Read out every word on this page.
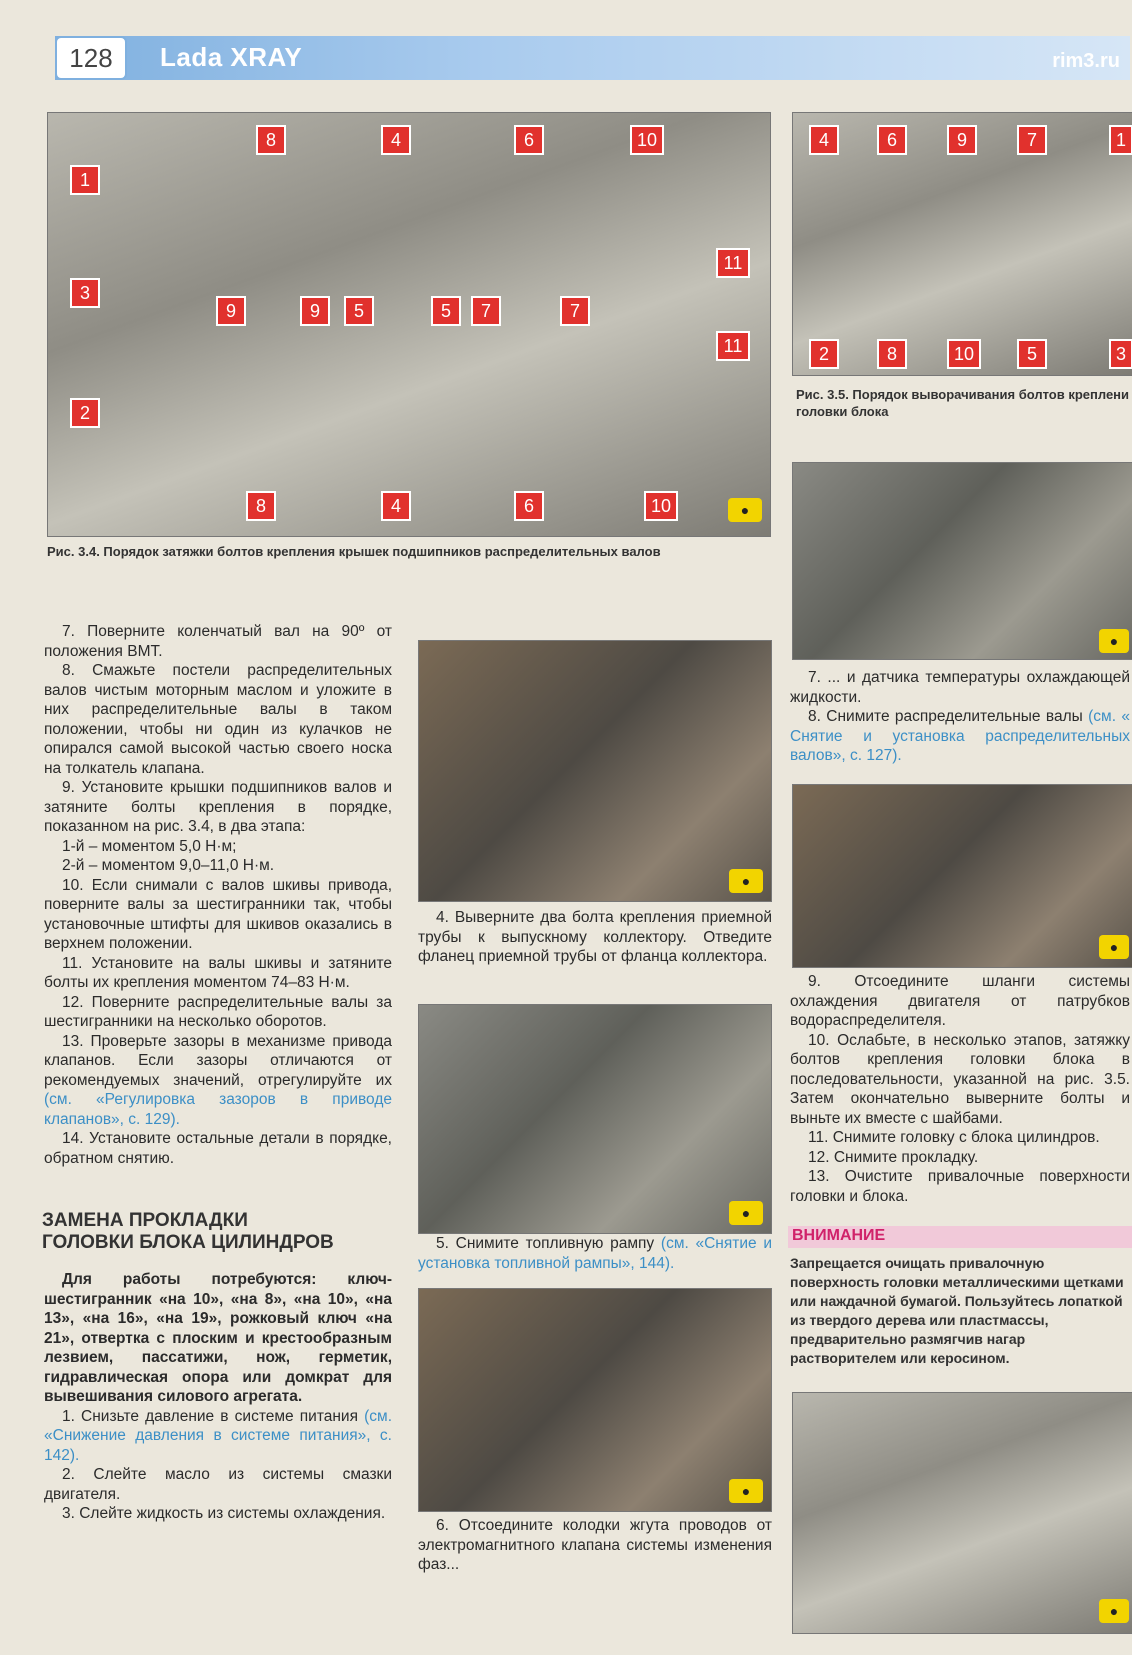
128 Lada XRAY	rim3.ru
8	4	6	10
1
3
11
9	9	5	5	7	7
11
2
8	4	6	10	●
Рис. 3.4. Порядок затяжки болтов крепления крышек подшипников распределительных валов
4	6	9	7	1
2	8	10	5	3
Рис. 3.5. Порядок выворачивания болтов креплени
головки блока

7. Поверните коленчатый вал на 90º от положения ВМТ.

8. Смажьте постели распределительных валов чистым моторным маслом и уложите в них распределительные валы в таком положении, чтобы ни один из кулачков не опирался самой высокой частью своего носка на толкатель клапана.

9. Установите крышки подшипников валов и затяните болты крепления в порядке, показанном на рис. 3.4, в два этапа:

1-й – моментом 5,0 Н·м;

2-й – моментом 9,0–11,0 Н·м.

10. Если снимали с валов шкивы привода, поверните валы за шестигранники так, чтобы установочные штифты для шкивов оказались в верхнем положении.

11. Установите на валы шкивы и затяните болты их крепления моментом 74–83 Н·м.

12. Поверните распределительные валы за шестигранники на несколько оборотов.

13. Проверьте зазоры в механизме привода клапанов. Если зазоры отличаются от рекомендуемых значений, отрегулируйте их (см. «Регулировка зазоров в приводе клапанов», с. 129).

14. Установите остальные детали в порядке, обратном снятию.

ЗАМЕНА ПРОКЛАДКИ
ГОЛОВКИ БЛОКА ЦИЛИНДРОВ

Для работы потребуются: ключ-шестигранник «на 10», «на 8», «на 10», «на 13», «на 16», «на 19», рожковый ключ «на 21», отвертка с плоским и крестообразным лезвием, пассатижи, нож, герметик, гидравлическая опора или домкрат для вывешивания силового агрегата.

1. Снизьте давление в системе питания (см. «Снижение давления в системе питания», с. 142).

2. Слейте масло из системы смазки двигателя.

3. Слейте жидкость из системы охлаждения.

●

4. Выверните два болта крепления приемной трубы к выпускному коллектору. Отведите фланец приемной трубы от фланца коллектора.

●

5. Снимите топливную рампу (см. «Снятие и установка топливной рампы», 144).

●

6. Отсоедините колодки жгута проводов от электромагнитного клапана системы изменения фаз...

●

7. ... и датчика температуры охлаждающей жидкости.

8. Снимите распределительные валы (см. « Снятие и установка распределительных валов», с. 127).

●

9. Отсоедините шланги системы охлаждения двигателя от патрубков водораспределителя.

10. Ослабьте, в несколько этапов, затяжку болтов крепления головки блока в последовательности, указанной на рис. 3.5. Затем окончательно выверните болты и выньте их вместе с шайбами.

11. Снимите головку с блока цилиндров.

12. Снимите прокладку.

13. Очистите привалочные поверхности головки и блока.

ВНИМАНИЕ
Запрещается очищать привалочную поверхность головки металлическими щетками или наждачной бумагой. Пользуйтесь лопаткой из твердого дерева или пластмассы, предварительно размягчив нагар растворителем или керосином.
●
